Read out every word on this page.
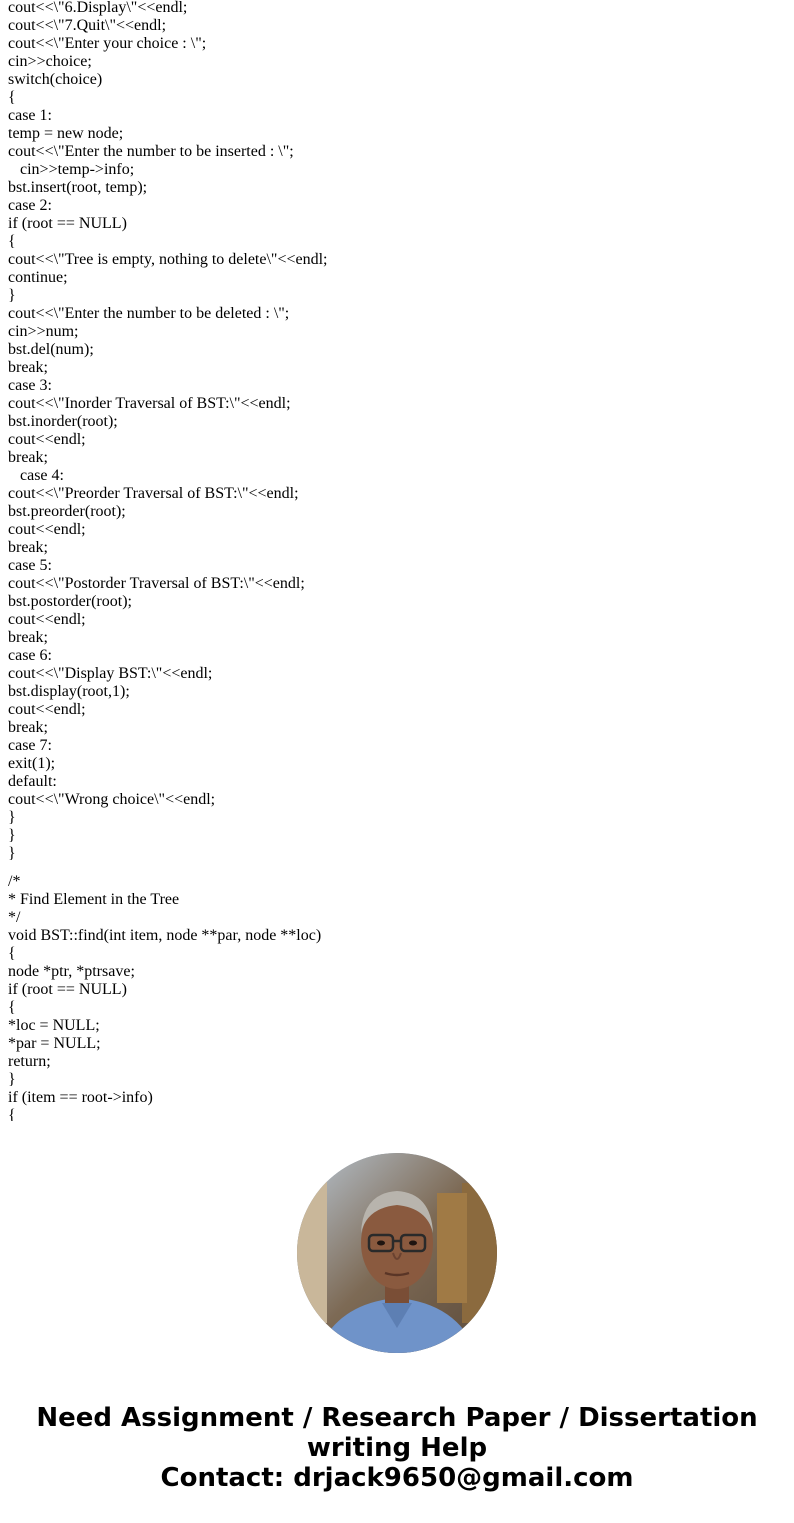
cout<<\"6.Display\"<<endl;
cout<<\"7.Quit\"<<endl;
cout<<\"Enter your choice : \";
cin>>choice;
switch(choice)
{
case 1:
temp = new node;
cout<<\"Enter the number to be inserted : \";
cin>>temp->info;
bst.insert(root, temp);
case 2:
if (root == NULL)
{
cout<<\"Tree is empty, nothing to delete\"<<endl;
continue;
}
cout<<\"Enter the number to be deleted : \";
cin>>num;
bst.del(num);
break;
case 3:
cout<<\"Inorder Traversal of BST:\"<<endl;
bst.inorder(root);
cout<<endl;
break;
case 4:
cout<<\"Preorder Traversal of BST:\"<<endl;
bst.preorder(root);
cout<<endl;
break;
case 5:
cout<<\"Postorder Traversal of BST:\"<<endl;
bst.postorder(root);
cout<<endl;
break;
case 6:
cout<<\"Display BST:\"<<endl;
bst.display(root,1);
cout<<endl;
break;
case 7:
exit(1);
default:
cout<<\"Wrong choice\"<<endl;
}
}
}
/*
* Find Element in the Tree
*/
void BST::find(int item, node **par, node **loc)
{
node *ptr, *ptrsave;
if (root == NULL)
{
*loc = NULL;
*par = NULL;
return;
}
if (item == root->info)
{
Need Assignment / Research Paper / Dissertation
writing Help
Contact: drjack9650@gmail.com
